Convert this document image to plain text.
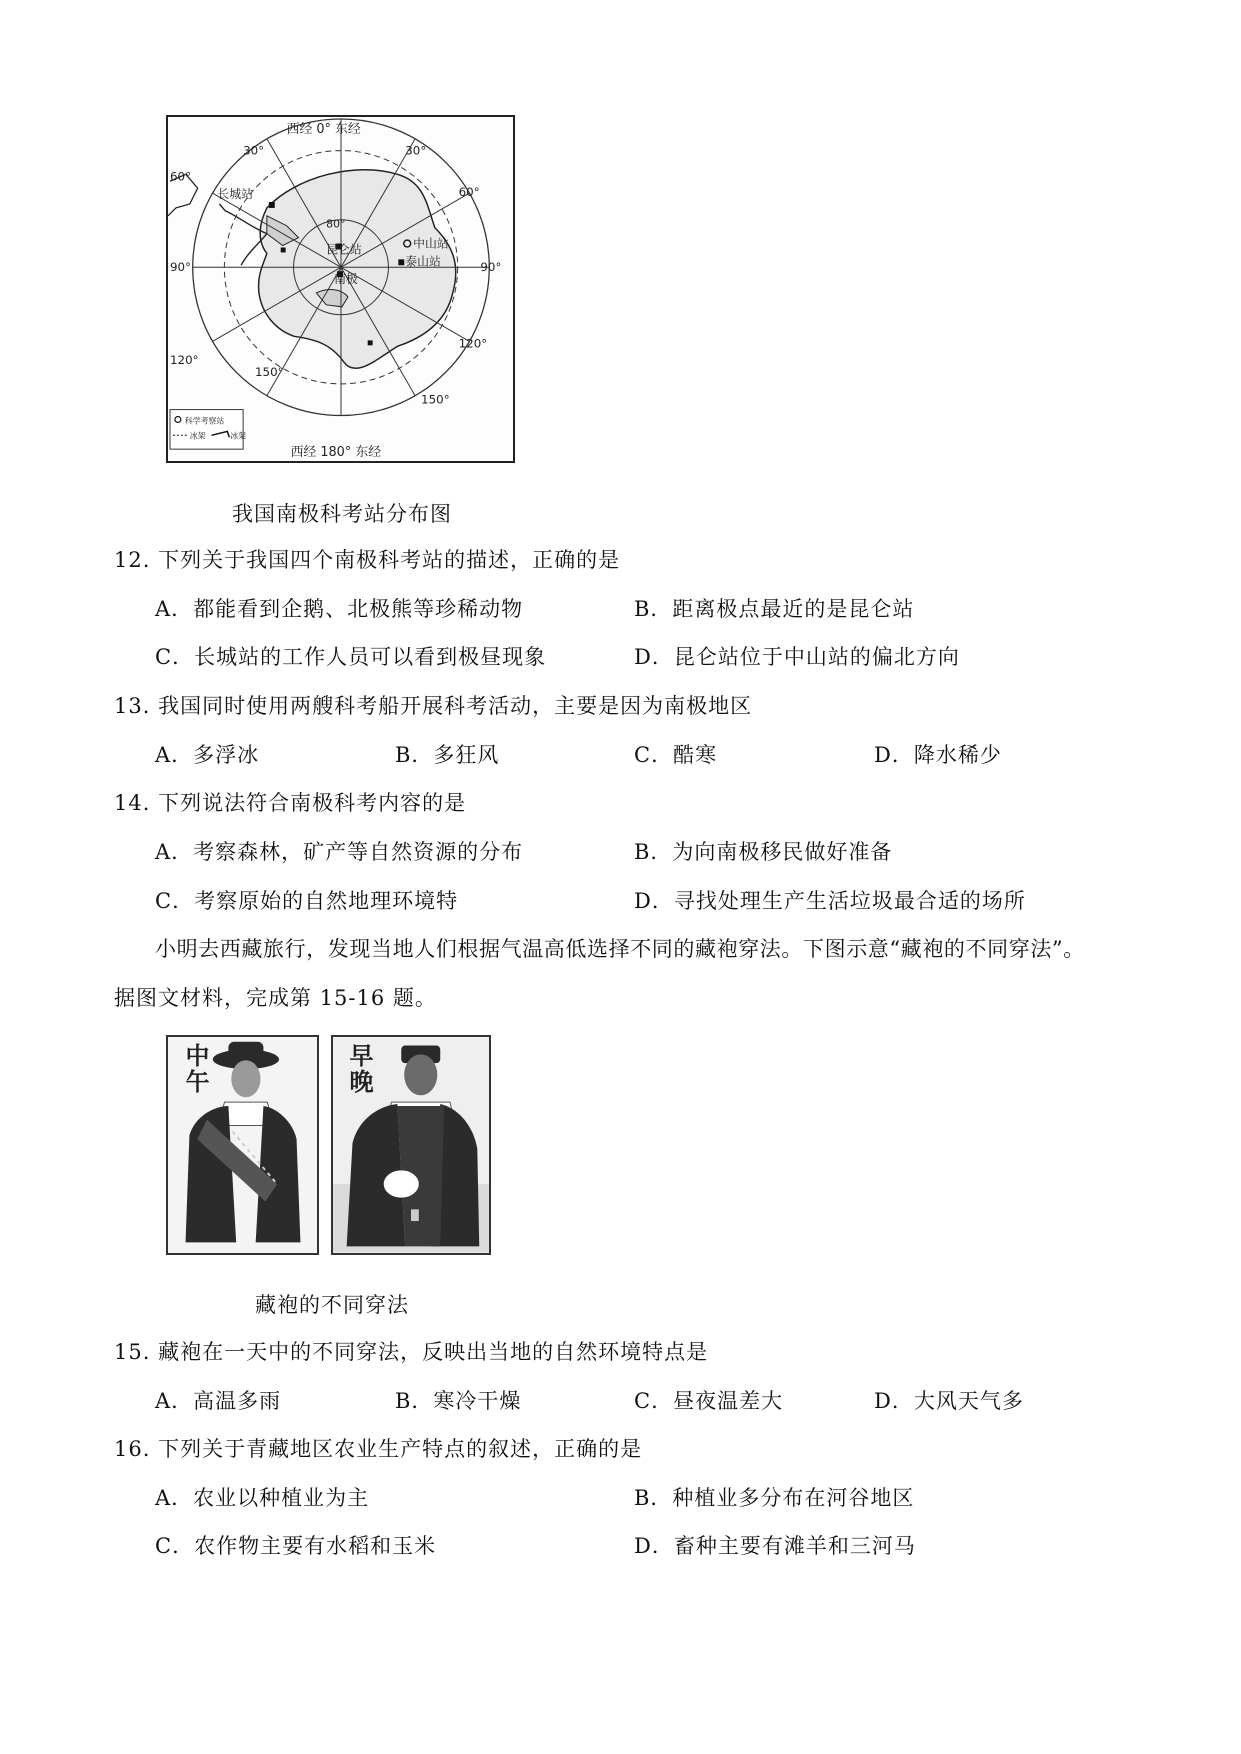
西经 0° 东经
西经 180° 东经
30°	30°
60°
60°
90°	90°
120°
120°
150°
150°
80°
长城站
昆仑站	中山站
泰山站
南极
科学考察站
冰架	冰架
我国南极科考站分布图
12. 下列关于我国四个南极科考站的描述，正确的是
A．都能看到企鹅、北极熊等珍稀动物	B．距离极点最近的是昆仑站
C．长城站的工作人员可以看到极昼现象	D．昆仑站位于中山站的偏北方向
13. 我国同时使用两艘科考船开展科考活动，主要是因为南极地区
A．多浮冰	B．多狂风	C．酷寒	D．降水稀少
14. 下列说法符合南极科考内容的是
A．考察森林，矿产等自然资源的分布	B．为向南极移民做好准备
C．考察原始的自然地理环境特	D．寻找处理生产生活垃圾最合适的场所
小明去西藏旅行，发现当地人们根据气温高低选择不同的藏袍穿法。下图示意“藏袍的不同穿法”。
据图文材料，完成第 15-16 题。
中午	早晚
藏袍的不同穿法
15. 藏袍在一天中的不同穿法，反映出当地的自然环境特点是
A．高温多雨	B．寒冷干燥	C．昼夜温差大	D．大风天气多
16. 下列关于青藏地区农业生产特点的叙述，正确的是
A．农业以种植业为主	B．种植业多分布在河谷地区
C．农作物主要有水稻和玉米	D．畜种主要有滩羊和三河马
